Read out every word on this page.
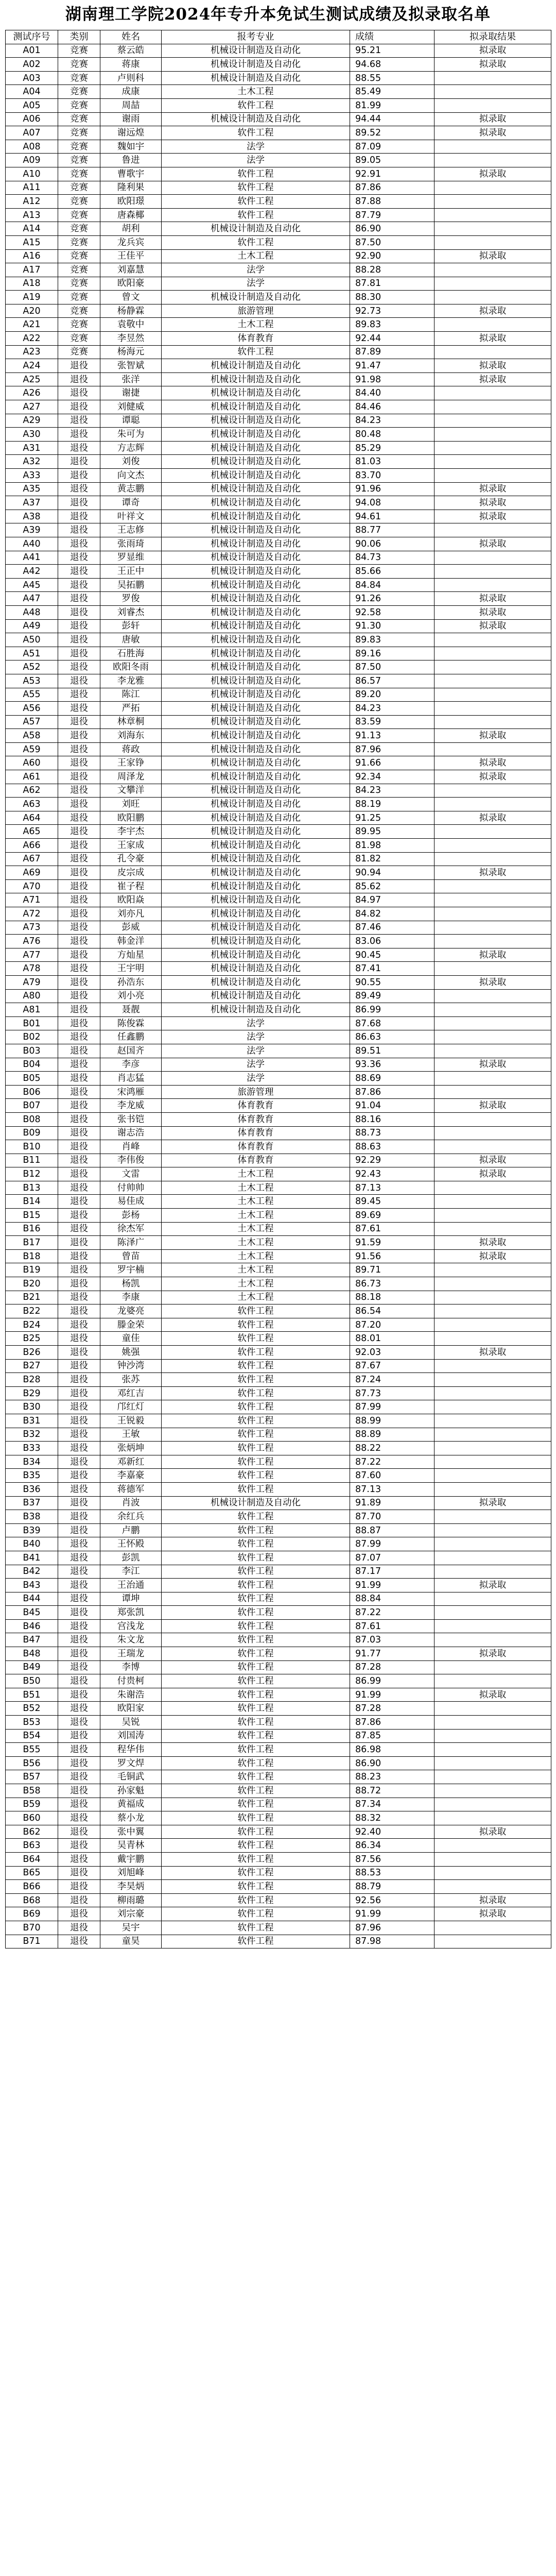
湖南理工学院2024年专升本免试生测试成绩及拟录取名单
测试序号	类别	姓名	报考专业	成绩	拟录取结果
A01	竞赛	蔡云皓	机械设计制造及自动化	95.21	拟录取
A02	竞赛	蒋康	机械设计制造及自动化	94.68	拟录取
A03	竞赛	卢则科	机械设计制造及自动化	88.55	
A04	竞赛	成康	土木工程	85.49	
A05	竞赛	周喆	软件工程	81.99	
A06	竞赛	谢雨	机械设计制造及自动化	94.44	拟录取
A07	竞赛	谢远煌	软件工程	89.52	拟录取
A08	竞赛	魏如宇	法学	87.09	
A09	竞赛	鲁进	法学	89.05	
A10	竞赛	曹歌宇	软件工程	92.91	拟录取
A11	竞赛	隆利果	软件工程	87.86	
A12	竞赛	欧阳璟	软件工程	87.88	
A13	竞赛	唐森椰	软件工程	87.79	
A14	竞赛	胡利	机械设计制造及自动化	86.90	
A15	竞赛	龙兵宾	软件工程	87.50	
A16	竞赛	王佳平	土木工程	92.90	拟录取
A17	竞赛	刘嘉慧	法学	88.28	
A18	竞赛	欧阳豪	法学	87.81	
A19	竞赛	曾文	机械设计制造及自动化	88.30	
A20	竞赛	杨静霖	旅游管理	92.73	拟录取
A21	竞赛	袁敬中	土木工程	89.83	
A22	竞赛	李昱然	体育教育	92.44	拟录取
A23	竞赛	杨海元	软件工程	87.89	
A24	退役	张智斌	机械设计制造及自动化	91.47	拟录取
A25	退役	张洋	机械设计制造及自动化	91.98	拟录取
A26	退役	谢捷	机械设计制造及自动化	84.40	
A27	退役	刘健威	机械设计制造及自动化	84.46	
A29	退役	谭聪	机械设计制造及自动化	84.23	
A30	退役	朱可为	机械设计制造及自动化	80.48	
A31	退役	方志辉	机械设计制造及自动化	85.29	
A32	退役	刘俊	机械设计制造及自动化	81.03	
A33	退役	向文杰	机械设计制造及自动化	83.70	
A35	退役	黄志鹏	机械设计制造及自动化	91.96	拟录取
A37	退役	谭奇	机械设计制造及自动化	94.08	拟录取
A38	退役	叶祥文	机械设计制造及自动化	94.61	拟录取
A39	退役	王志修	机械设计制造及自动化	88.77	
A40	退役	张雨琦	机械设计制造及自动化	90.06	拟录取
A41	退役	罗显维	机械设计制造及自动化	84.73	
A42	退役	王正中	机械设计制造及自动化	85.66	
A45	退役	吴拓鹏	机械设计制造及自动化	84.84	
A47	退役	罗俊	机械设计制造及自动化	91.26	拟录取
A48	退役	刘睿杰	机械设计制造及自动化	92.58	拟录取
A49	退役	彭轩	机械设计制造及自动化	91.30	拟录取
A50	退役	唐敏	机械设计制造及自动化	89.83	
A51	退役	石胜海	机械设计制造及自动化	89.16	
A52	退役	欧阳冬雨	机械设计制造及自动化	87.50	
A53	退役	李龙雅	机械设计制造及自动化	86.57	
A55	退役	陈江	机械设计制造及自动化	89.20	
A56	退役	严拓	机械设计制造及自动化	84.23	
A57	退役	林章桐	机械设计制造及自动化	83.59	
A58	退役	刘海东	机械设计制造及自动化	91.13	拟录取
A59	退役	蒋政	机械设计制造及自动化	87.96	
A60	退役	王家铮	机械设计制造及自动化	91.66	拟录取
A61	退役	周泽龙	机械设计制造及自动化	92.34	拟录取
A62	退役	文攀洋	机械设计制造及自动化	84.23	
A63	退役	刘旺	机械设计制造及自动化	88.19	
A64	退役	欧阳鹏	机械设计制造及自动化	91.25	拟录取
A65	退役	李宇杰	机械设计制造及自动化	89.95	
A66	退役	王家成	机械设计制造及自动化	81.98	
A67	退役	孔令豪	机械设计制造及自动化	81.82	
A69	退役	皮宗成	机械设计制造及自动化	90.94	拟录取
A70	退役	崔子程	机械设计制造及自动化	85.62	
A71	退役	欧阳焱	机械设计制造及自动化	84.97	
A72	退役	刘亦凡	机械设计制造及自动化	84.82	
A73	退役	彭威	机械设计制造及自动化	87.46	
A76	退役	韩金洋	机械设计制造及自动化	83.06	
A77	退役	方灿星	机械设计制造及自动化	90.45	拟录取
A78	退役	王宇明	机械设计制造及自动化	87.41	
A79	退役	孙浩东	机械设计制造及自动化	90.55	拟录取
A80	退役	刘小亮	机械设计制造及自动化	89.49	
A81	退役	聂靓	机械设计制造及自动化	86.99	
B01	退役	陈俊霖	法学	87.68	
B02	退役	任鑫鹏	法学	86.63	
B03	退役	赵国齐	法学	89.51	
B04	退役	李彦	法学	93.36	拟录取
B05	退役	肖志猛	法学	88.69	
B06	退役	宋鸿雁	旅游管理	87.86	
B07	退役	李龙威	体育教育	91.04	拟录取
B08	退役	张书铠	体育教育	88.16	
B09	退役	谢志浩	体育教育	88.73	
B10	退役	肖峰	体育教育	88.63	
B11	退役	李伟俊	体育教育	92.29	拟录取
B12	退役	文雷	土木工程	92.43	拟录取
B13	退役	付帅帅	土木工程	87.13	
B14	退役	易佳成	土木工程	89.45	
B15	退役	彭杨	土木工程	89.69	
B16	退役	徐杰军	土木工程	87.61	
B17	退役	陈泽广	土木工程	91.59	拟录取
B18	退役	曾苗	土木工程	91.56	拟录取
B19	退役	罗宇楠	土木工程	89.71	
B20	退役	杨凯	土木工程	86.73	
B21	退役	李康	土木工程	88.18	
B22	退役	龙婆亮	软件工程	86.54	
B24	退役	滕金荣	软件工程	87.20	
B25	退役	童佳	软件工程	88.01	
B26	退役	姚强	软件工程	92.03	拟录取
B27	退役	钟沙湾	软件工程	87.67	
B28	退役	张苏	软件工程	87.24	
B29	退役	邓红吉	软件工程	87.73	
B30	退役	邝红灯	软件工程	87.99	
B31	退役	王锐毅	软件工程	88.99	
B32	退役	王敏	软件工程	88.89	
B33	退役	张炳坤	软件工程	88.22	
B34	退役	邓新红	软件工程	87.22	
B35	退役	李嘉豪	软件工程	87.60	
B36	退役	蒋德军	软件工程	87.13	
B37	退役	肖波	机械设计制造及自动化	91.89	拟录取
B38	退役	余红兵	软件工程	87.70	
B39	退役	卢鹏	软件工程	88.87	
B40	退役	王怀殿	软件工程	87.99	
B41	退役	彭凯	软件工程	87.07	
B42	退役	李江	软件工程	87.17	
B43	退役	王治通	软件工程	91.99	拟录取
B44	退役	谭坤	软件工程	88.84	
B45	退役	郑张凯	软件工程	87.22	
B46	退役	宫浅龙	软件工程	87.61	
B47	退役	朱文龙	软件工程	87.03	
B48	退役	王瑞龙	软件工程	91.77	拟录取
B49	退役	李博	软件工程	87.28	
B50	退役	付贵柯	软件工程	86.99	
B51	退役	朱谢浩	软件工程	91.99	拟录取
B52	退役	欧阳家	软件工程	87.28	
B53	退役	吴锐	软件工程	87.86	
B54	退役	刘国涛	软件工程	87.85	
B55	退役	程华伟	软件工程	86.98	
B56	退役	罗文焊	软件工程	86.90	
B57	退役	毛铜武	软件工程	88.23	
B58	退役	孙家魁	软件工程	88.72	
B59	退役	黄福成	软件工程	87.34	
B60	退役	蔡小龙	软件工程	88.32	
B62	退役	张中翼	软件工程	92.40	拟录取
B63	退役	吴青林	软件工程	86.34	
B64	退役	戴宇鹏	软件工程	87.56	
B65	退役	刘旭峰	软件工程	88.53	
B66	退役	李昊炳	软件工程	88.79	
B68	退役	柳雨璐	软件工程	92.56	拟录取
B69	退役	刘宗豪	软件工程	91.99	拟录取
B70	退役	吴宇	软件工程	87.96	
B71	退役	童昊	软件工程	87.98	
